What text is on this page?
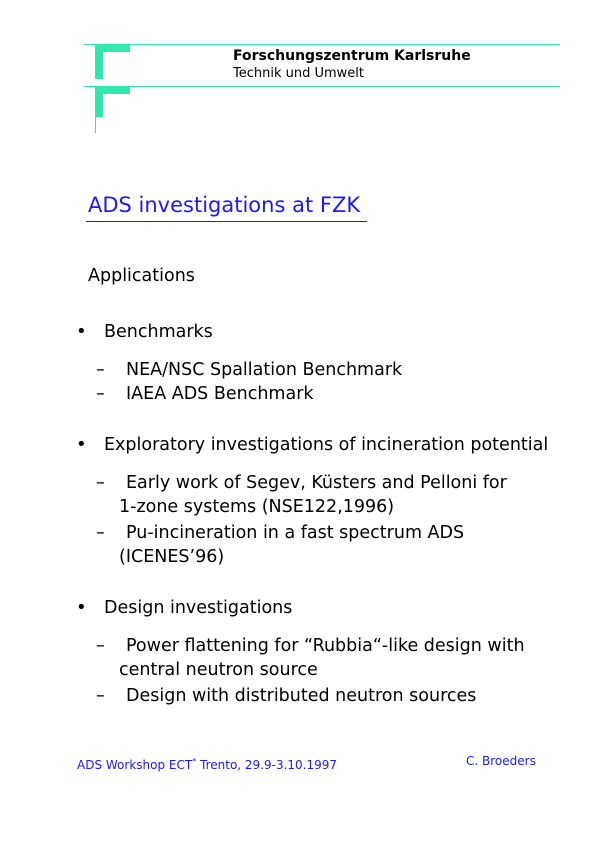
Forschungszentrum Karlsruhe
Technik und Umwelt
ADS investigations at FZK
Applications
• Benchmarks
– NEA/NSC Spallation Benchmark
– IAEA ADS Benchmark
• Exploratory investigations of incineration potential
– Early work of Segev, Küsters and Pelloni for
1-zone systems (NSE122,1996)
– Pu-incineration in a fast spectrum ADS
(ICENES’96)
• Design investigations
– Power flattening for “Rubbia“-like design with
central neutron source
– Design with distributed neutron sources
ADS Workshop ECT* Trento, 29.9-3.10.1997	C. Broeders
